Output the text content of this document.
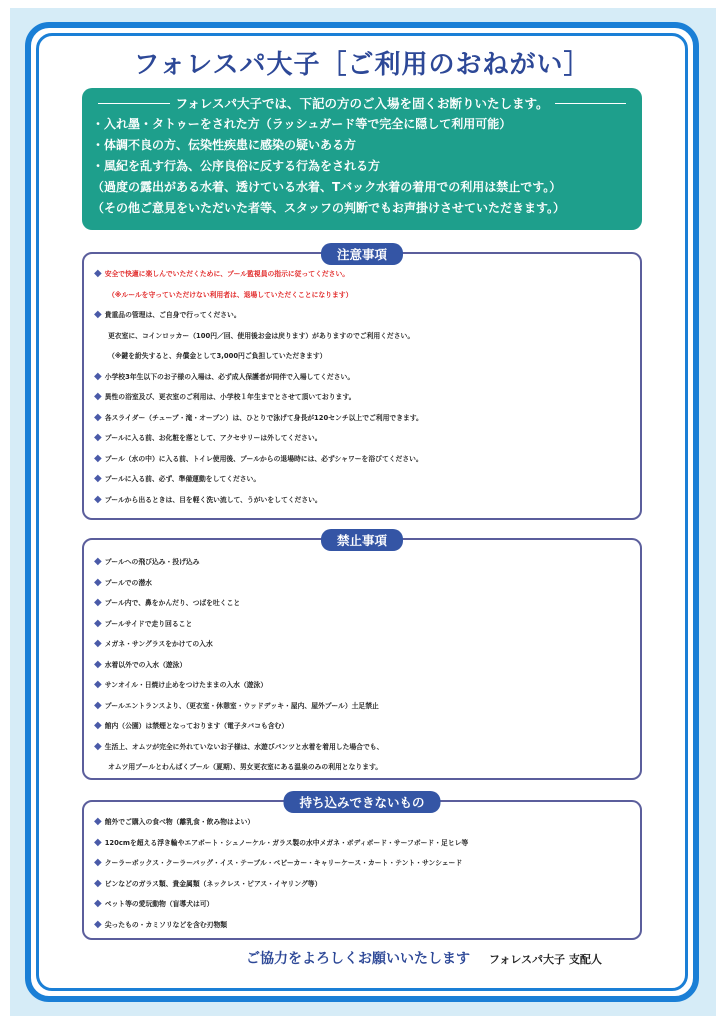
フォレスパ大子［ご利用のおねがい］
フォレスパ大子では、下記の方のご入場を固くお断りいたします。
・入れ墨・タトゥーをされた方（ラッシュガード等で完全に隠して利用可能）
・体調不良の方、伝染性疾患に感染の疑いある方
・風紀を乱す行為、公序良俗に反する行為をされる方
（過度の露出がある水着、透けている水着、Tバック水着の着用での利用は禁止です。）
（その他ご意見をいただいた者等、スタッフの判断でもお声掛けさせていただきます。）
注意事項
◆ 安全で快適に楽しんでいただくために、プール監視員の指示に従ってください。
（※ルールを守っていただけない利用者は、退場していただくことになります）
◆ 貴重品の管理は、ご自身で行ってください。
更衣室に、コインロッカー（100円／回、使用後お金は戻ります）がありますのでご利用ください。
（※鍵を紛失すると、弁償金として3,000円ご負担していただきます）
◆ 小学校3年生以下のお子様の入場は、必ず成人保護者が同伴で入場してください。
◆ 異性の浴室及び、更衣室のご利用は、小学校１年生までとさせて頂いております。
◆ 各スライダー（チューブ・滝・オープン）は、ひとりで泳げて身長が120センチ以上でご利用できます。
◆ プールに入る前、お化粧を落として、アクセサリーは外してください。
◆ プール（水の中）に入る前、トイレ使用後、プールからの退場時には、必ずシャワーを浴びてください。
◆ プールに入る前、必ず、準備運動をしてください。
◆ プールから出るときは、目を軽く洗い流して、うがいをしてください。
禁止事項
◆ プールへの飛び込み・投げ込み
◆ プールでの潜水
◆ プール内で、鼻をかんだり、つばを吐くこと
◆ プールサイドで走り回ること
◆ メガネ・サングラスをかけての入水
◆ 水着以外での入水（遊泳）
◆ サンオイル・日焼け止めをつけたままの入水（遊泳）
◆ プールエントランスより、（更衣室・休憩室・ウッドデッキ・屋内、屋外プール）土足禁止
◆ 館内（公園）は禁煙となっております（電子タバコも含む）
◆ 生活上、オムツが完全に外れていないお子様は、水遊びパンツと水着を着用した場合でも、
オムツ用プールとわんぱくプール（夏期）、男女更衣室にある温泉のみの利用となります。
持ち込みできないもの
◆ 館外でご購入の食べ物（離乳食・飲み物はよい）
◆ 120cmを超える浮き輪やエアボート・シュノーケル・ガラス製の水中メガネ・ボディボード・サーフボード・足ヒレ等
◆ クーラーボックス・クーラーバッグ・イス・テーブル・ベビーカー・キャリーケース・カート・テント・サンシェード
◆ ビンなどのガラス類、貴金属類（ネックレス・ピアス・イヤリング等）
◆ ペット等の愛玩動物（盲導犬は可）
◆ 尖ったもの・カミソリなどを含む刃物類
ご協力をよろしくお願いいたします フォレスパ大子 支配人
